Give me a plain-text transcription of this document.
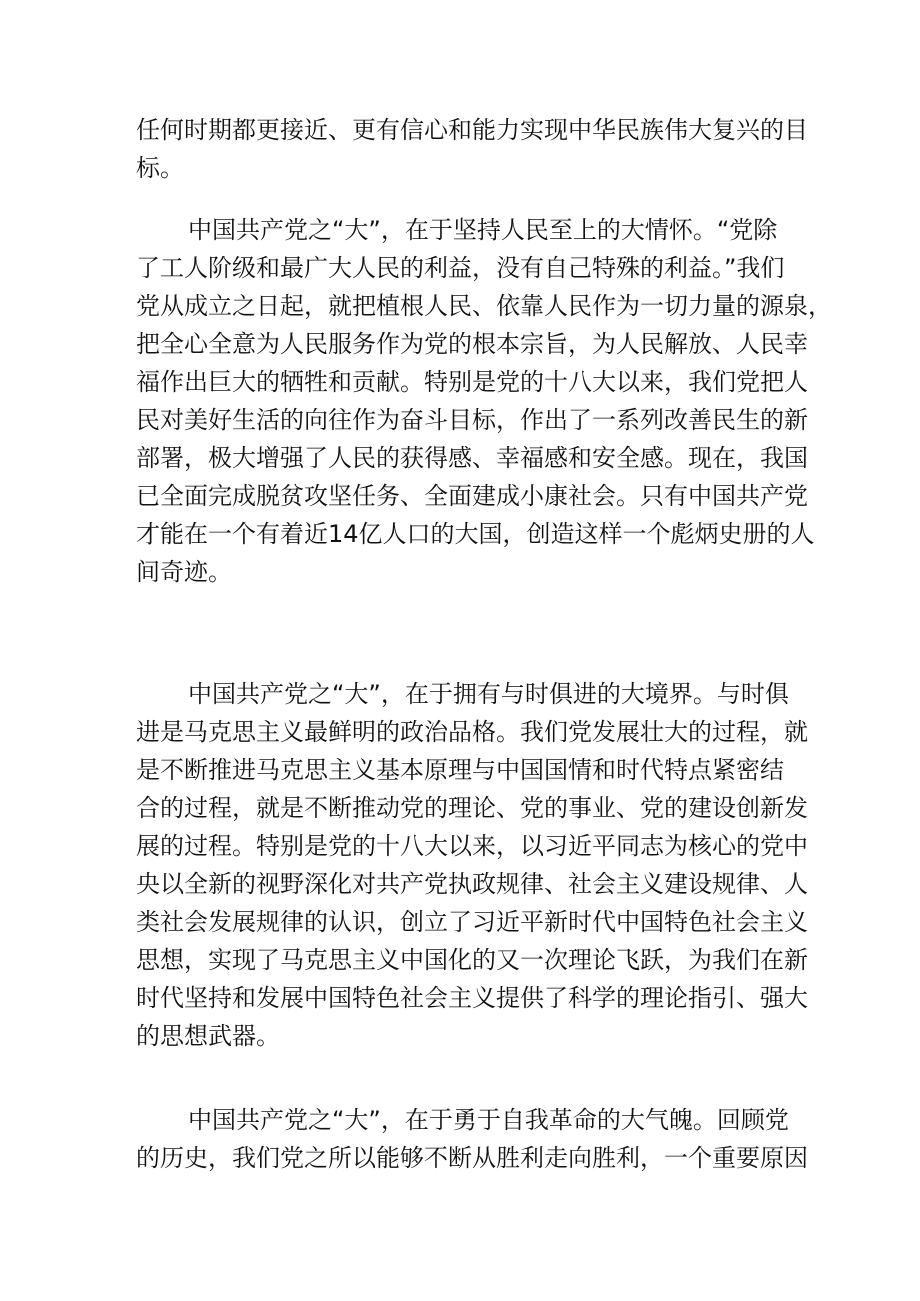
任何时期都更接近、更有信心和能力实现中华民族伟大复兴的目
标。
中国共产党之“大”，在于坚持人民至上的大情怀。“党除
了工人阶级和最广大人民的利益，没有自己特殊的利益。”我们
党从成立之日起，就把植根人民、依靠人民作为一切力量的源泉，
把全心全意为人民服务作为党的根本宗旨，为人民解放、人民幸
福作出巨大的牺牲和贡献。特别是党的十八大以来，我们党把人
民对美好生活的向往作为奋斗目标，作出了一系列改善民生的新
部署，极大增强了人民的获得感、幸福感和安全感。现在，我国
已全面完成脱贫攻坚任务、全面建成小康社会。只有中国共产党
才能在一个有着近14亿人口的大国，创造这样一个彪炳史册的人
间奇迹。
中国共产党之“大”，在于拥有与时俱进的大境界。与时俱
进是马克思主义最鲜明的政治品格。我们党发展壮大的过程，就
是不断推进马克思主义基本原理与中国国情和时代特点紧密结
合的过程，就是不断推动党的理论、党的事业、党的建设创新发
展的过程。特别是党的十八大以来，以习近平同志为核心的党中
央以全新的视野深化对共产党执政规律、社会主义建设规律、人
类社会发展规律的认识，创立了习近平新时代中国特色社会主义
思想，实现了马克思主义中国化的又一次理论飞跃，为我们在新
时代坚持和发展中国特色社会主义提供了科学的理论指引、强大
的思想武器。
中国共产党之“大”，在于勇于自我革命的大气魄。回顾党
的历史，我们党之所以能够不断从胜利走向胜利，一个重要原因
